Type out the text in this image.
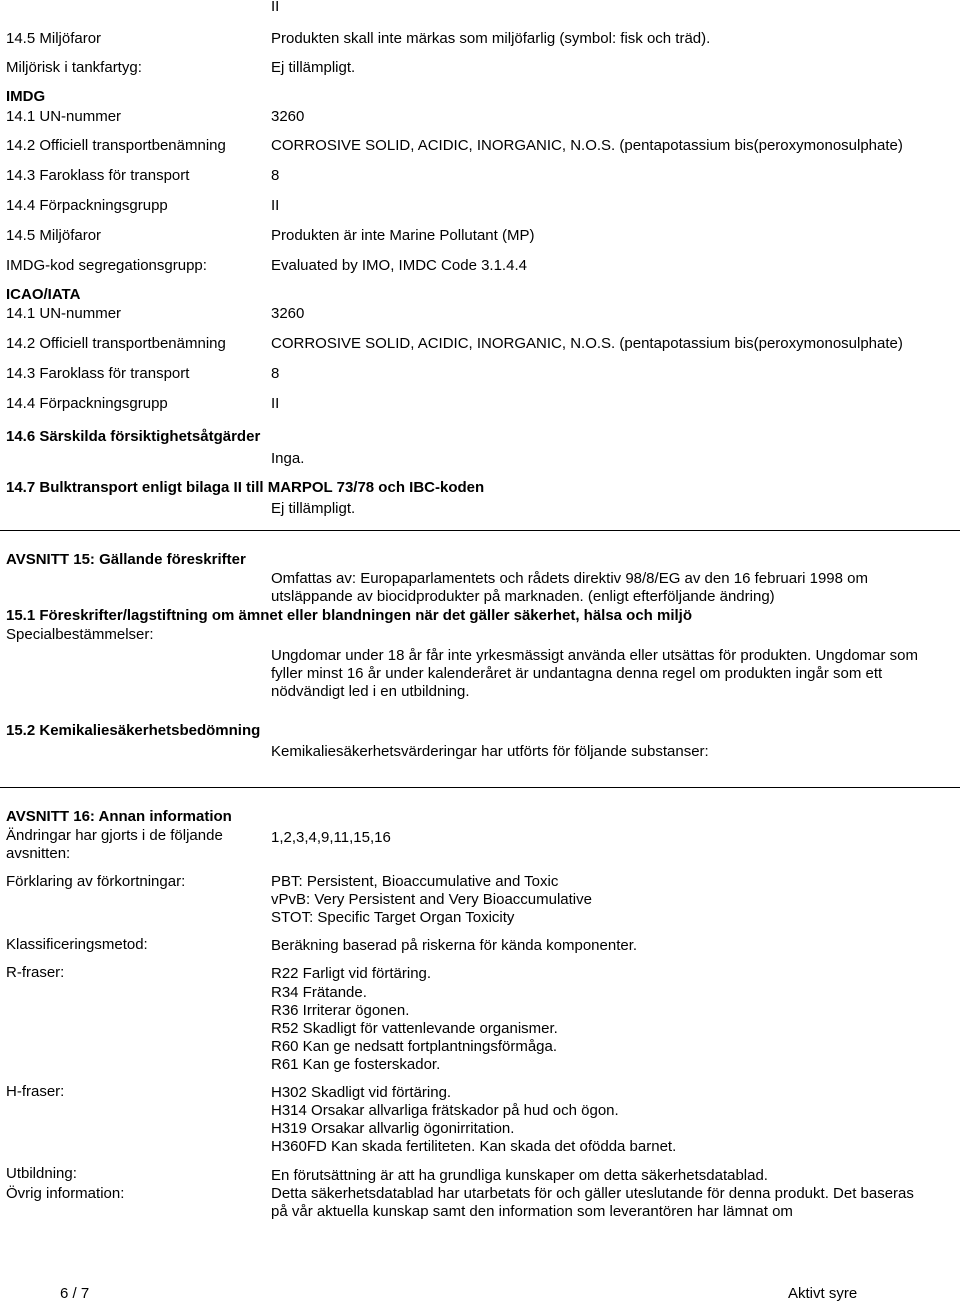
II
14.5 Miljöfaror	Produkten skall inte märkas som miljöfarlig (symbol: fisk och träd).
Miljörisk i tankfartyg:	Ej tillämpligt.
IMDG
14.1 UN-nummer	3260
14.2 Officiell transportbenämning	CORROSIVE SOLID, ACIDIC, INORGANIC, N.O.S. (pentapotassium bis(peroxymonosulphate)
14.3 Faroklass för transport	8
14.4 Förpackningsgrupp	II
14.5 Miljöfaror	Produkten är inte Marine Pollutant (MP)
IMDG-kod segregationsgrupp:	Evaluated by IMO, IMDC Code 3.1.4.4
ICAO/IATA
14.1 UN-nummer	3260
14.2 Officiell transportbenämning	CORROSIVE SOLID, ACIDIC, INORGANIC, N.O.S. (pentapotassium bis(peroxymonosulphate)
14.3 Faroklass för transport	8
14.4 Förpackningsgrupp	II
14.6 Särskilda försiktighetsåtgärder
Inga.
14.7 Bulktransport enligt bilaga II till MARPOL 73/78 och IBC-koden
Ej tillämpligt.
AVSNITT 15: Gällande föreskrifter
Omfattas av: Europaparlamentets och rådets direktiv 98/8/EG av den 16 februari 1998 om utsläppande av biocidprodukter på marknaden. (enligt efterföljande ändring)
15.1 Föreskrifter/lagstiftning om ämnet eller blandningen när det gäller säkerhet, hälsa och miljö
Specialbestämmelser:
Ungdomar under 18 år får inte yrkesmässigt använda eller utsättas för produkten. Ungdomar som fyller minst 16 år under kalenderåret är undantagna denna regel om produkten ingår som ett nödvändigt led i en utbildning.
15.2 Kemikaliesäkerhetsbedömning
Kemikaliesäkerhetsvärderingar har utförts för följande substanser:
AVSNITT 16: Annan information
Ändringar har gjorts i de följande avsnitten:
1,2,3,4,9,11,15,16
Förklaring av förkortningar:	PBT: Persistent, Bioaccumulative and Toxic
vPvB: Very Persistent and Very Bioaccumulative
STOT: Specific Target Organ Toxicity
Klassificeringsmetod:	Beräkning baserad på riskerna för kända komponenter.
R-fraser:	R22 Farligt vid förtäring.
R34 Frätande.
R36 Irriterar ögonen.
R52 Skadligt för vattenlevande organismer.
R60 Kan ge nedsatt fortplantningsförmåga.
R61 Kan ge fosterskador.
H-fraser:	H302 Skadligt vid förtäring.
H314 Orsakar allvarliga frätskador på hud och ögon.
H319 Orsakar allvarlig ögonirritation.
H360FD Kan skada fertiliteten. Kan skada det ofödda barnet.
Utbildning:	En förutsättning är att ha grundliga kunskaper om detta säkerhetsdatablad.
Övrig information:	Detta säkerhetsdatablad har utarbetats för och gäller uteslutande för denna produkt. Det baseras på vår aktuella kunskap samt den information som leverantören har lämnat om
6 / 7	Aktivt syre
